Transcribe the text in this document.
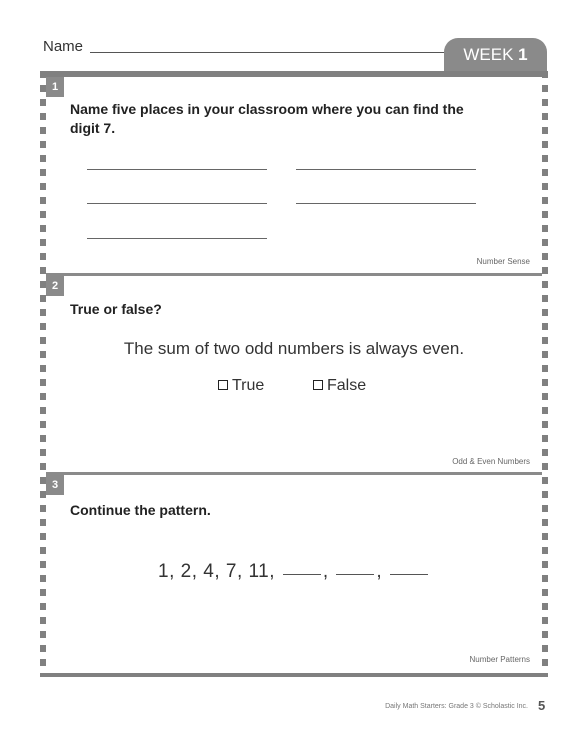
Name	WEEK 1
1
Name five places in your classroom where you can find the digit 7.
Number Sense
2
True or false?
The sum of two odd numbers is always even.
True	False
Odd & Even Numbers
3
Continue the pattern.
1, 2, 4, 7, 11,	,	,
Number Patterns
Daily Math Starters: Grade 3 © Scholastic Inc. 5
